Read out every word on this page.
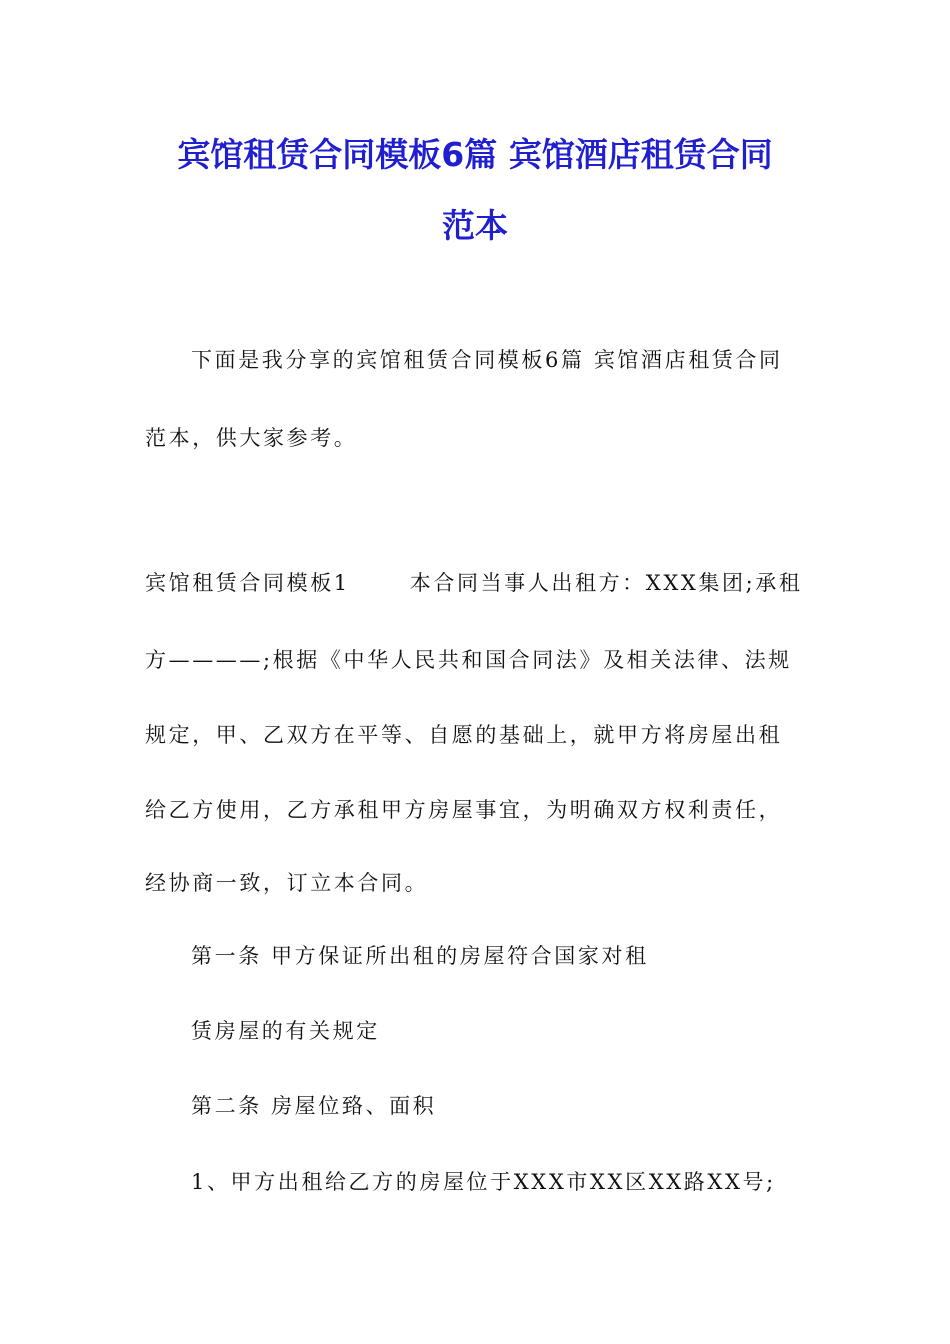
宾馆租赁合同模板6篇 宾馆酒店租赁合同
范本

下面是我分享的宾馆租赁合同模板6篇 宾馆酒店租赁合同

范本，供大家参考。

宾馆租赁合同模板1	本合同当事人出租方：XXX集团;承租

方————;根据《中华人民共和国合同法》及相关法律、法规

规定，甲、乙双方在平等、自愿的基础上，就甲方将房屋出租

给乙方使用，乙方承租甲方房屋事宜，为明确双方权利责任，

经协商一致，订立本合同。

第一条 甲方保证所出租的房屋符合国家对租

赁房屋的有关规定

第二条 房屋位臵、面积

1、甲方出租给乙方的房屋位于XXX市XX区XX路XX号;
